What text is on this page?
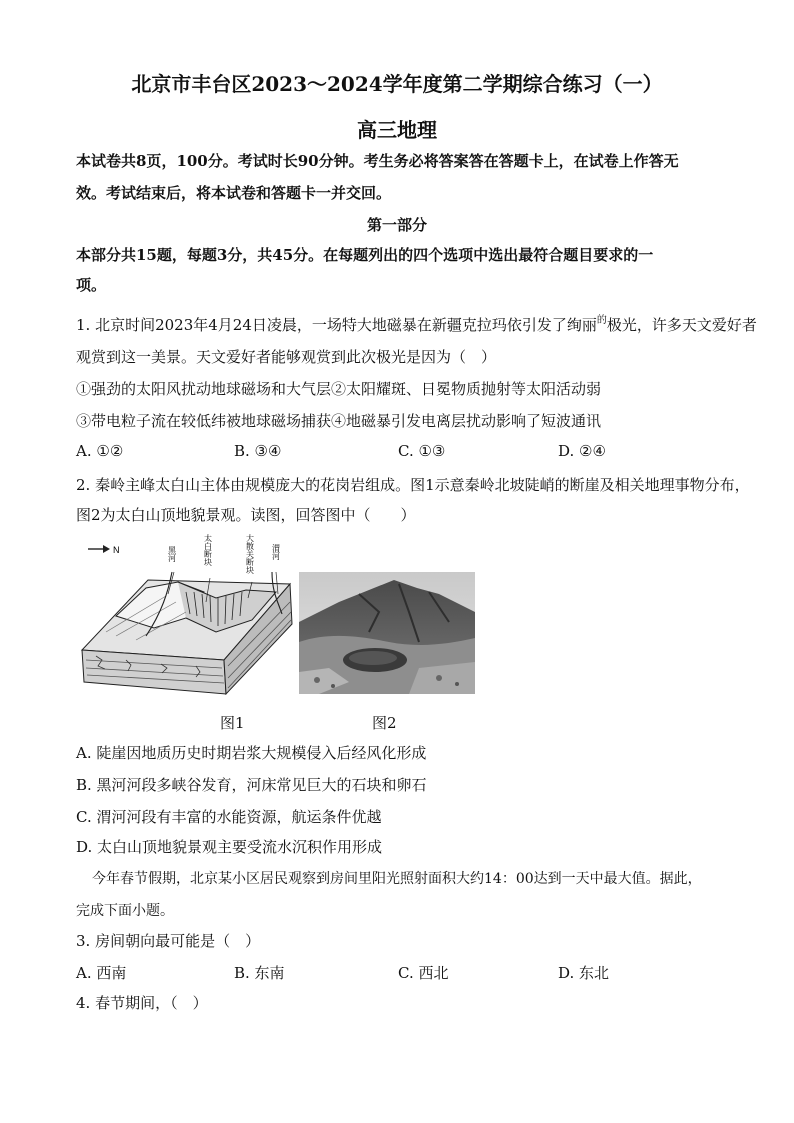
北京市丰台区2023～2024学年度第二学期综合练习（一）
高三地理
本试卷共8页，100分。考试时长90分钟。考生务必将答案答在答题卡上，在试卷上作答无
效。考试结束后，将本试卷和答题卡一并交回。
第一部分
本部分共15题，每题3分，共45分。在每题列出的四个选项中选出最符合题目要求的一
项。
1. 北京时间2023年4月24日凌晨，一场特大地磁暴在新疆克拉玛依引发了绚丽$^的$极光，许多天文爱好者
观赏到这一美景。天文爱好者能够观赏到此次极光是因为（　）
①强劲的太阳风扰动地球磁场和大气层②太阳耀斑、日冕物质抛射等太阳活动弱
③带电粒子流在较低纬被地球磁场捕获④地磁暴引发电离层扰动影响了短波通讯
A. ①②	B. ③④	C. ①③	D. ②④
2. 秦岭主峰太白山主体由规模庞大的花岗岩组成。图1示意秦岭北坡陡峭的断崖及相关地理事物分布，
图2为太白山顶地貌景观。读图，回答图中（　　）
N	黑河	太白断块	大散关断块 渭河
图1	图2
A. 陡崖因地质历史时期岩浆大规模侵入后经风化形成
B. 黑河河段多峡谷发育，河床常见巨大的石块和卵石
C. 渭河河段有丰富的水能资源，航运条件优越
D. 太白山顶地貌景观主要受流水沉积作用形成
今年春节假期，北京某小区居民观察到房间里阳光照射面积大约14：00达到一天中最大值。据此，
完成下面小题。
3. 房间朝向最可能是（　）
A. 西南	B. 东南	C. 西北	D. 东北
4. 春节期间，（　）
